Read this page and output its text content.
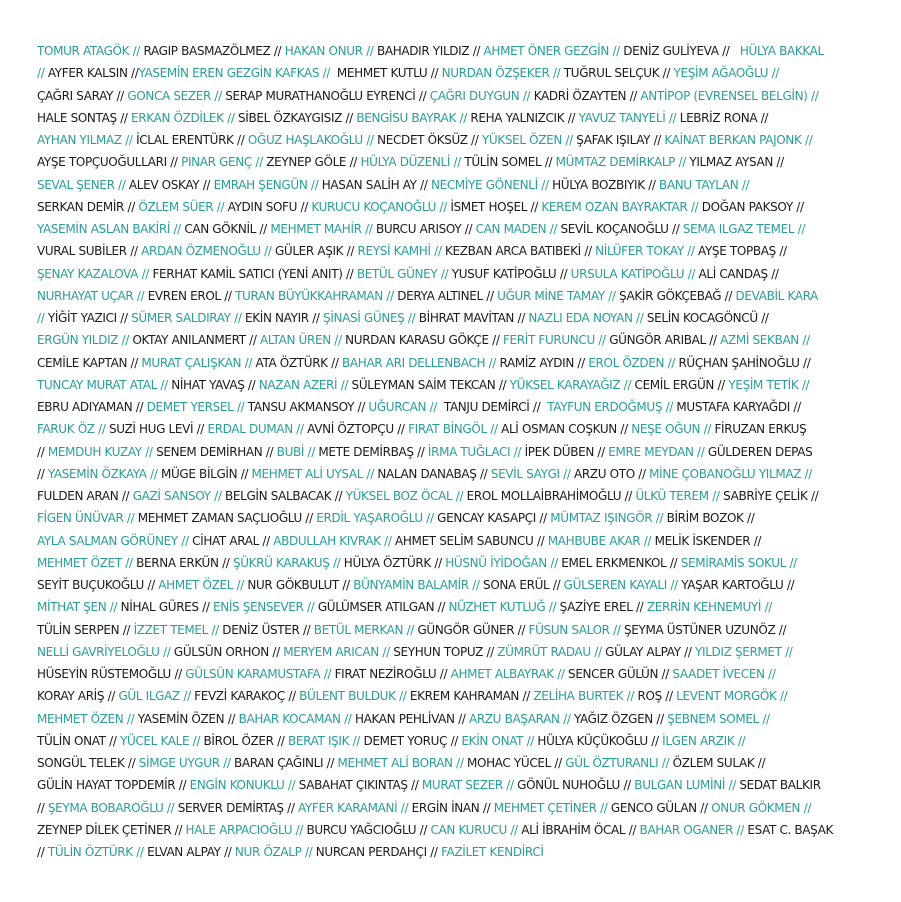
TOMUR ATAGÖK // RAGIP BASMAZÖLMEZ // HAKAN ONUR // BAHADIR YILDIZ // AHMET ÖNER GEZGİN // DENİZ GULİYEVA //   HÜLYA BAKKAL
// AYFER KALSIN //YASEMİN EREN GEZGİN KAFKAS //  MEHMET KUTLU // NURDAN ÖZŞEKER // TUĞRUL SELÇUK // YEŞİM AĞAOĞLU //
ÇAĞRI SARAY // GONCA SEZER // SERAP MURATHANOĞLU EYRENCİ // ÇAĞRI DUYGUN // KADRİ ÖZAYTEN // ANTİPOP (EVRENSEL BELGİN) //
HALE SONTAŞ // ERKAN ÖZDİLEK // SİBEL ÖZKAYGISIZ // BENGİSU BAYRAK // REHA YALNIZCIK // YAVUZ TANYELİ // LEBRİZ RONA //
AYHAN YILMAZ // İCLAL ERENTÜRK // OĞUZ HAŞLAKOĞLU // NECDET ÖKSÜZ // YÜKSEL ÖZEN // ŞAFAK IŞILAY // KAİNAT BERKAN PAJONK //
AYŞE TOPÇUOĞULLARI // PINAR GENÇ // ZEYNEP GÖLE // HÜLYA DÜZENLİ // TÜLİN SOMEL // MÜMTAZ DEMİRKALP // YILMAZ AYSAN //
SEVAL ŞENER // ALEV OSKAY // EMRAH ŞENGÜN // HASAN SALİH AY // NECMİYE GÖNENLİ // HÜLYA BOZBIYIK // BANU TAYLAN //
SERKAN DEMİR // ÖZLEM SÜER // AYDIN SOFU // KURUCU KOÇANOĞLU // İSMET HOŞEL // KEREM OZAN BAYRAKTAR // DOĞAN PAKSOY //
YASEMİN ASLAN BAKİRİ // CAN GÖKNİL // MEHMET MAHİR // BURCU ARISOY // CAN MADEN // SEVİL KOÇANOĞLU // SEMA ILGAZ TEMEL //
VURAL SUBİLER // ARDAN ÖZMENOĞLU // GÜLER AŞIK // REYSİ KAMHİ // KEZBAN ARCA BATIBEKİ // NİLÜFER TOKAY // AYŞE TOPBAŞ //
ŞENAY KAZALOVA // FERHAT KAMİL SATICI (YENİ ANIT) // BETÜL GÜNEY // YUSUF KATİPOĞLU // URSULA KATİPOĞLU // ALİ CANDAŞ //
NURHAYAT UÇAR // EVREN EROL // TURAN BÜYÜKKAHRAMAN // DERYA ALTINEL // UĞUR MİNE TAMAY // ŞAKİR GÖKÇEBAĞ // DEVABİL KARA
// YİĞİT YAZICI // SÜMER SALDIRAY // EKİN NAYIR // ŞİNASİ GÜNEŞ // BİHRAT MAVİTAN // NAZLI EDA NOYAN // SELİN KOCAGÖNCÜ //
ERGÜN YILDIZ // OKTAY ANILANMERT // ALTAN ÜREN // NURDAN KARASU GÖKÇE // FERİT FURUNCU // GÜNGÖR ARIBAL // AZMİ SEKBAN //
CEMİLE KAPTAN // MURAT ÇALIŞKAN // ATA ÖZTÜRK // BAHAR ARI DELLENBACH // RAMİZ AYDIN // EROL ÖZDEN // RÜÇHAN ŞAHİNOĞLU //
TUNCAY MURAT ATAL // NİHAT YAVAŞ // NAZAN AZERİ // SÜLEYMAN SAİM TEKCAN // YÜKSEL KARAYAĞIZ // CEMİL ERGÜN // YEŞİM TETİK //
EBRU ADIYAMAN // DEMET YERSEL // TANSU AKMANSOY // UĞURCAN //  TANJU DEMİRCİ //  TAYFUN ERDOĞMUŞ // MUSTAFA KARYAĞDI //
FARUK ÖZ // SUZİ HUG LEVİ // ERDAL DUMAN // AVNİ ÖZTOPÇU // FIRAT BİNGÖL // ALİ OSMAN COŞKUN // NEŞE OĞUN // FİRUZAN ERKUŞ
// MEMDUH KUZAY // SENEM DEMİRHAN // BUBİ // METE DEMİRBAŞ // İRMA TUĞLACI // İPEK DÜBEN // EMRE MEYDAN // GÜLDEREN DEPAS
// YASEMİN ÖZKAYA // MÜGE BİLGİN // MEHMET ALİ UYSAL // NALAN DANABAŞ // SEVİL SAYGI // ARZU OTO // MİNE ÇOBANOĞLU YILMAZ //
FULDEN ARAN // GAZİ SANSOY // BELGİN SALBACAK // YÜKSEL BOZ ÖCAL // EROL MOLLAİBRAHİMOĞLU // ÜLKÜ TEREM // SABRİYE ÇELİK //
FİGEN ÜNÜVAR // MEHMET ZAMAN SAÇLIOĞLU // ERDİL YAŞAROĞLU // GENCAY KASAPÇI // MÜMTAZ IŞINGÖR // BİRİM BOZOK //
AYLA SALMAN GÖRÜNEY // CİHAT ARAL // ABDULLAH KIVRAK // AHMET SELİM SABUNCU // MAHBUBE AKAR // MELİK İSKENDER //
MEHMET ÖZET // BERNA ERKÜN // ŞÜKRÜ KARAKUŞ // HÜLYA ÖZTÜRK // HÜSNÜ İYİDOĞAN // EMEL ERKMENKOL // SEMİRAMİS SOKUL //
SEYİT BUÇUKOĞLU // AHMET ÖZEL // NUR GÖKBULUT // BÜNYAMİN BALAMİR // SONA ERÜL // GÜLSEREN KAYALI // YAŞAR KARTOĞLU //
MİTHAT ŞEN // NİHAL GÜRES // ENİS ŞENSEVER // GÜLÜMSER ATILGAN // NÜZHET KUTLUĞ // ŞAZİYE EREL // ZERRİN KEHNEMUYİ //
TÜLİN SERPEN // İZZET TEMEL // DENİZ ÜSTER // BETÜL MERKAN // GÜNGÖR GÜNER // FÜSUN SALOR // ŞEYMA ÜSTÜNER UZUNÖZ //
NELLİ GAVRİYELOĞLU // GÜLSÜN ORHON // MERYEM ARICAN // SEYHUN TOPUZ // ZÜMRÜT RADAU // GÜLAY ALPAY // YILDIZ ŞERMET //
HÜSEYİN RÜSTEMOĞLU // GÜLSÜN KARAMUSTAFA // FIRAT NEZİROĞLU // AHMET ALBAYRAK // SENCER GÜLÜN // SAADET İVECEN //
KORAY ARİŞ // GÜL ILGAZ // FEVZİ KARAKOÇ // BÜLENT BULDUK // EKREM KAHRAMAN // ZELİHA BURTEK // ROŞ // LEVENT MORGÖK //
MEHMET ÖZEN // YASEMİN ÖZEN // BAHAR KOCAMAN // HAKAN PEHLİVAN // ARZU BAŞARAN // YAĞIZ ÖZGEN // ŞEBNEM SOMEL //
TÜLİN ONAT // YÜCEL KALE // BİROL ÖZER // BERAT IŞIK // DEMET YORUÇ // EKİN ONAT // HÜLYA KÜÇÜKOĞLU // İLGEN ARZIK //
SONGÜL TELEK // SİMGE UYGUR // BARAN ÇAĞINLI // MEHMET ALİ BORAN // MOHAC YÜCEL // GÜL ÖZTURANLI // ÖZLEM SULAK //
GÜLİN HAYAT TOPDEMİR // ENGİN KONUKLU // SABAHAT ÇIKINTAŞ // MURAT SEZER // GÖNÜL NUHOĞLU // BULGAN LUMİNİ // SEDAT BALKIR
// ŞEYMA BOBAROĞLU // SERVER DEMİRTAŞ // AYFER KARAMANİ // ERGİN İNAN // MEHMET ÇETİNER // GENCO GÜLAN // ONUR GÖKMEN //
ZEYNEP DİLEK ÇETİNER // HALE ARPACIOĞLU // BURCU YAĞCIOĞLU // CAN KURUCU // ALİ İBRAHİM ÖCAL // BAHAR OGANER // ESAT C. BAŞAK
// TÜLİN ÖZTÜRK // ELVAN ALPAY // NUR ÖZALP // NURCAN PERDAHÇI // FAZİLET KENDİRCİ
